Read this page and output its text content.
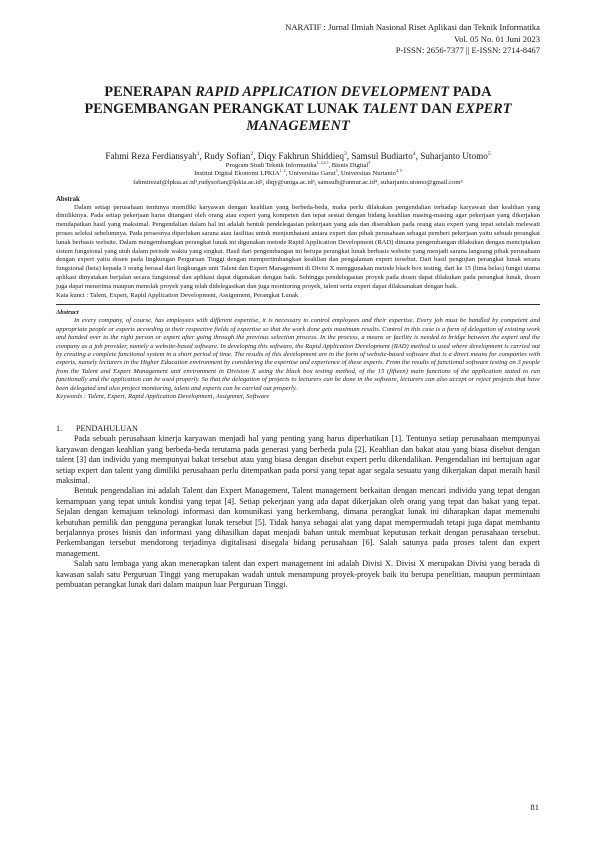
NARATIF : Jurnal Ilmiah Nasional Riset Aplikasi dan Teknik Informatika
Vol. 05 No. 01 Juni 2023
P-ISSN: 2656-7377 || E-ISSN: 2714-8467
PENERAPAN RAPID APPLICATION DEVELOPMENT PADA PENGEMBANGAN PERANGKAT LUNAK TALENT DAN EXPERT MANAGEMENT
Fahmi Reza Ferdiansyah$^1$, Rudy Sofian$^2$, Diqy Fakhrun Shiddieq$^3$, Samsul Budiarto$^4$, Suharjanto Utomo$^5$
Program Studi Teknik Informatika$^{1, 2,4,5}$, Bisnis Digital$^3$
Institut Digital Ekonomi LPKIA$^{1, 2}$, Universitas Garut$^3$, Universitas Nurtanio$^{4, 5}$
fahmirezaf@lpkia.ac.id¹,rudysofian@lpkia.ac.id², diqy@uniga.ac.id³, samsulb@unnur.ac.id⁴, suharjanto.utomo@gmail.com⁵
Abstrak

Dalam setiap perusahaan tentunya memiliki karyawan dengan keahlian yang berbeda-beda, maka perlu dilakukan pengendalian terhadap karyawan dan keahlian yang dimilikinya. Pada setiap pekerjaan harus ditangani oleh orang atau expert yang kompeten dan tepat sesuai dengan bidang keahlian masing-masing agar pekerjaan yang dikerjakan mendapatkan hasil yang maksimal. Pengendalian dalam hal ini adalah bentuk pendelegasian pekerjaan yang ada dan diserahkan pada orang atau expert yang tepat setelah melewati proses seleksi sebelumnya. Pada prosesnya diperlukan sarana atau fasilitas untuk menjembatani antara expert dan pihak perusahaan sebagai pemberi pekerjaan yaitu sebuah perangkat lunak berbasis website. Dalam mengembangkan perangkat lunak ini digunakan metode Rapid Application Development (RAD) dimana pengembangan dilakukan dengan menciptakan sistem fungsional yang utuh dalam periode waktu yang singkat. Hasil dari pengembangan ini berupa perangkat lunak berbasis website yang menjadi sarana langsung pihak perusahaan dengan expert yaitu dosen pada lingkungan Perguruan Tinggi dengan mempertimbangkan keahlian dan pengalaman expert tersebut. Dari hasil pengujian perangkat lunak secara fungsional (beta) kepada 3 orang berasal dari lingkungan unit Talent dan Expert Management di Divisi X menggunakan metode black box testing, dari ke 15 (lima belas) fungsi utama aplikasi dinyatakan berjalan secara fungsional dan aplikasi dapat digunakan dengan baik. Sehingga pendelegasian proyek pada dosen dapat dilakukan pada perangkat lunak, dosen juga dapat menerima maupun menolak proyek yang telah didelegasikan dan juga monitoring proyek, talent serta expert dapat dilaksanakan dengan baik.

Kata kunci : Talent, Expert, Rapid Application Development, Assignment, Perangkat Lunak

Abstract

In every company, of course, has employees with different expertise, it is necessary to control employees and their expertise. Every job must be handled by competent and appropriate people or experts according to their respective fields of expertise so that the work done gets maximum results. Control in this case is a form of delegation of existing work and handed over to the right person or expert after going through the previous selection process. In the process, a means or facility is needed to bridge between the expert and the company as a job provider, namely a website-based software. In developing this software, the Rapid Application Development (RAD) method is used where development is carried out by creating a complete functional system in a short period of time. The results of this development are in the form of website-based software that is a direct means for companies with experts, namely lecturers in the Higher Education environment by considering the expertise and experience of these experts. From the results of functional software testing on 3 people from the Talent and Expert Management unit environment in Division X using the black box testing method, of the 15 (fifteen) main functions of the application stated to run functionally and the application can be used properly. So that the delegation of projects to lecturers can be done in the software, lecturers can also accept or reject projects that have been delegated and also project monitoring, talent and experts can be carried out properly.

Keywords : Talent, Expert, Rapid Application Development, Assignmet, Software

1. PENDAHULUAN

Pada sebuah perusahaan kinerja karyawan menjadi hal yang penting yang harus diperhatikan [1]. Tentunya setiap perusahaan mempunyai karyawan dengan keahlian yang berbeda-beda terutama pada generasi yang berbeda pula [2]. Keahlian dan bakat atau yang biasa disebut dengan talent [3] dan individu yang mempunyai bakat tersebut atau yang biasa dengan disebut expert perlu dikendalikan. Pengendalian ini bertujuan agar setiap expert dan talent yang dimiliki perusahaan perlu ditempatkan pada porsi yang tepat agar segala sesuatu yang dikerjakan dapat meraih hasil maksimal.

Bentuk pengendalian ini adalah Talent dan Expert Management, Talent management berkaitan dengan mencari individu yang tepat dengan kemampuan yang tepat untuk kondisi yang tepat [4]. Setiap pekerjaan yang ada dapat dikerjakan oleh orang yang tepat dan bakat yang tepat. Sejalan dengan kemajuan teknologi informasi dan komunikasi yang berkembang, dimana perangkat lunak ini diharapkan dapat memenuhi kebutuhan pemilik dan pengguna perangkat lunak tersebut [5]. Tidak hanya sebagai alat yang dapat mempermudah tetapi juga dapat membantu berjalannya proses bisnis dan informasi yang dihasilkan dapat menjadi bahan untuk membuat keputusan terkait dengan perusahaan tersebut. Perkembangan tersebut mendorong terjadinya digitalisasi disegala bidang perusahaan [6]. Salah satunya pada proses talent dan expert management.

Salah satu lembaga yang akan menerapkan talent dan expert management ini adalah Divisi X. Divisi X merupakan Divisi yang berada di kawasan salah satu Perguruan Tinggi yang merupakan wadah untuk menampung proyek-proyek baik itu berupa penelitian, maupun permintaan pembuatan perangkat lunak dari dalam maupun luar Perguruan Tinggi.

81
